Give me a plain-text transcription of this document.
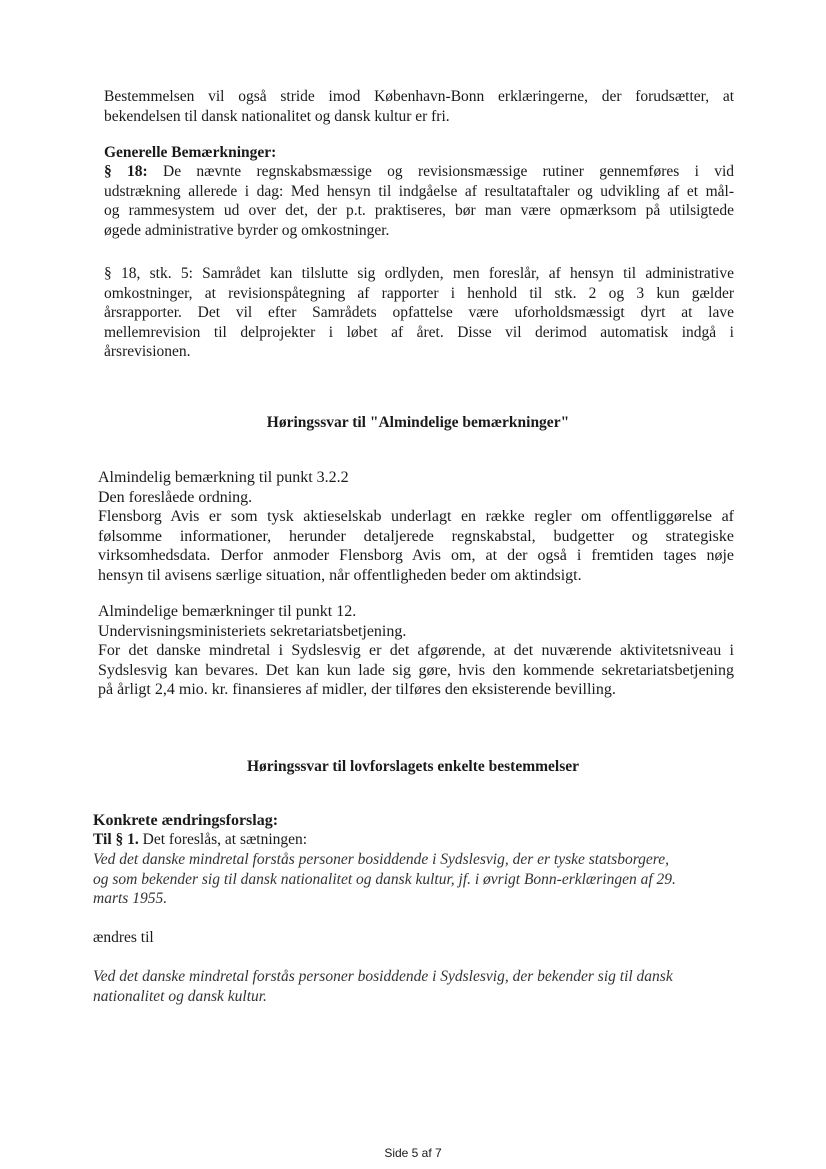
Bestemmelsen vil også stride imod København-Bonn erklæringerne, der forudsætter, at
bekendelsen til dansk nationalitet og dansk kultur er fri.
Generelle Bemærkninger:
§ 18: De nævnte regnskabsmæssige og revisionsmæssige rutiner gennemføres i vid
udstrækning allerede i dag: Med hensyn til indgåelse af resultataftaler og udvikling af et mål-
og rammesystem ud over det, der p.t. praktiseres, bør man være opmærksom på utilsigtede
øgede administrative byrder og omkostninger.
§ 18, stk. 5: Samrådet kan tilslutte sig ordlyden, men foreslår, af hensyn til administrative
omkostninger, at revisionspåtegning af rapporter i henhold til stk. 2 og 3 kun gælder
årsrapporter. Det vil efter Samrådets opfattelse være uforholdsmæssigt dyrt at lave
mellemrevision til delprojekter i løbet af året. Disse vil derimod automatisk indgå i
årsrevisionen.
Høringssvar til "Almindelige bemærkninger"
Almindelig bemærkning til punkt 3.2.2
Den foreslåede ordning.
Flensborg Avis er som tysk aktieselskab underlagt en række regler om offentliggørelse af
følsomme informationer, herunder detaljerede regnskabstal, budgetter og strategiske
virksomhedsdata. Derfor anmoder Flensborg Avis om, at der også i fremtiden tages nøje
hensyn til avisens særlige situation, når offentligheden beder om aktindsigt.
Almindelige bemærkninger til punkt 12.
Undervisningsministeriets sekretariatsbetjening.
For det danske mindretal i Sydslesvig er det afgørende, at det nuværende aktivitetsniveau i
Sydslesvig kan bevares. Det kan kun lade sig gøre, hvis den kommende sekretariatsbetjening
på årligt 2,4 mio. kr. finansieres af midler, der tilføres den eksisterende bevilling.
Høringssvar til lovforslagets enkelte bestemmelser
Konkrete ændringsforslag:
Til § 1. Det foreslås, at sætningen:
Ved det danske mindretal forstås personer bosiddende i Sydslesvig, der er tyske statsborgere,
og som bekender sig til dansk nationalitet og dansk kultur, jf. i øvrigt Bonn-erklæringen af 29.
marts 1955.
ændres til
Ved det danske mindretal forstås personer bosiddende i Sydslesvig, der bekender sig til dansk
nationalitet og dansk kultur.
Side 5 af 7
